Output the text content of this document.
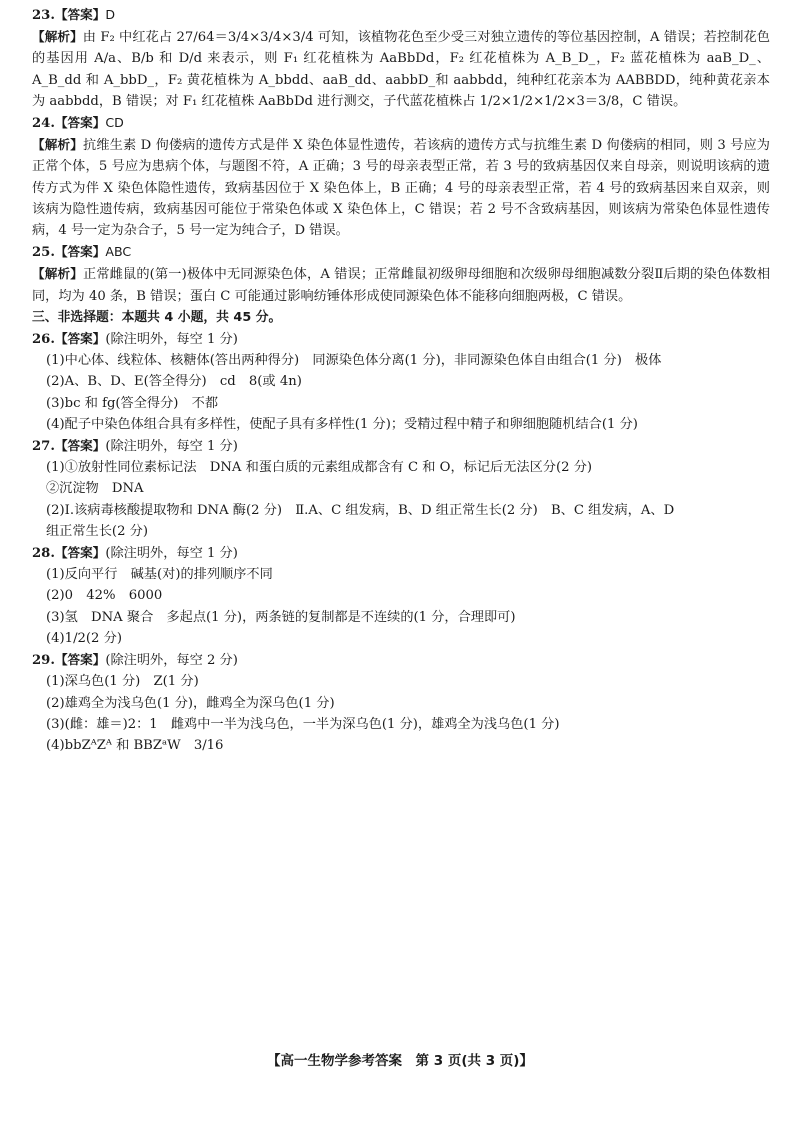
23.【答案】D

【解析】由 F₂ 中红花占 27/64＝3/4×3/4×3/4 可知，该植物花色至少受三对独立遗传的等位基因控制，A 错误；若控制花色的基因用 A/a、B/b 和 D/d 来表示，则 F₁ 红花植株为 AaBbDd，F₂ 红花植株为 A_B_D_，F₂ 蓝花植株为 aaB_D_、A_B_dd 和 A_bbD_，F₂ 黄花植株为 A_bbdd、aaB_dd、aabbD_和 aabbdd，纯种红花亲本为 AABBDD，纯种黄花亲本为 aabbdd，B 错误；对 F₁ 红花植株 AaBbDd 进行测交，子代蓝花植株占 1/2×1/2×1/2×3＝3/8，C 错误。

24.【答案】CD

【解析】抗维生素 D 佝偻病的遗传方式是伴 X 染色体显性遗传，若该病的遗传方式与抗维生素 D 佝偻病的相同，则 3 号应为正常个体，5 号应为患病个体，与题图不符，A 正确；3 号的母亲表型正常，若 3 号的致病基因仅来自母亲，则说明该病的遗传方式为伴 X 染色体隐性遗传，致病基因位于 X 染色体上，B 正确；4 号的母亲表型正常，若 4 号的致病基因来自双亲，则该病为隐性遗传病，致病基因可能位于常染色体或 X 染色体上，C 错误；若 2 号不含致病基因，则该病为常染色体显性遗传病，4 号一定为杂合子，5 号一定为纯合子，D 错误。

25.【答案】ABC

【解析】正常雌鼠的(第一)极体中无同源染色体，A 错误；正常雌鼠初级卵母细胞和次级卵母细胞减数分裂Ⅱ后期的染色体数相同，均为 40 条，B 错误；蛋白 C 可能通过影响纺锤体形成使同源染色体不能移向细胞两极，C 错误。

三、非选择题：本题共 4 小题，共 45 分。

26.【答案】(除注明外，每空 1 分)

(1)中心体、线粒体、核糖体(答出两种得分)　同源染色体分离(1 分)，非同源染色体自由组合(1 分)　极体

(2)A、B、D、E(答全得分)　cd　8(或 4n)

(3)bc 和 fg(答全得分)　不都

(4)配子中染色体组合具有多样性，使配子具有多样性(1 分)；受精过程中精子和卵细胞随机结合(1 分)

27.【答案】(除注明外，每空 1 分)

(1)①放射性同位素标记法　DNA 和蛋白质的元素组成都含有 C 和 O，标记后无法区分(2 分)

②沉淀物　DNA

(2)Ⅰ.该病毒核酸提取物和 DNA 酶(2 分)　Ⅱ.A、C 组发病，B、D 组正常生长(2 分)　B、C 组发病，A、D

组正常生长(2 分)

28.【答案】(除注明外，每空 1 分)

(1)反向平行　碱基(对)的排列顺序不同

(2)0　42%　6000

(3)氢　DNA 聚合　多起点(1 分)，两条链的复制都是不连续的(1 分，合理即可)

(4)1/2(2 分)

29.【答案】(除注明外，每空 2 分)

(1)深乌色(1 分)　Z(1 分)

(2)雄鸡全为浅乌色(1 分)，雌鸡全为深乌色(1 分)

(3)(雌：雄＝)2：1　雌鸡中一半为浅乌色，一半为深乌色(1 分)，雄鸡全为浅乌色(1 分)

(4)bbZᴬZᴬ 和 BBZᵃW　3/16

【高一生物学参考答案　第 3 页(共 3 页)】
